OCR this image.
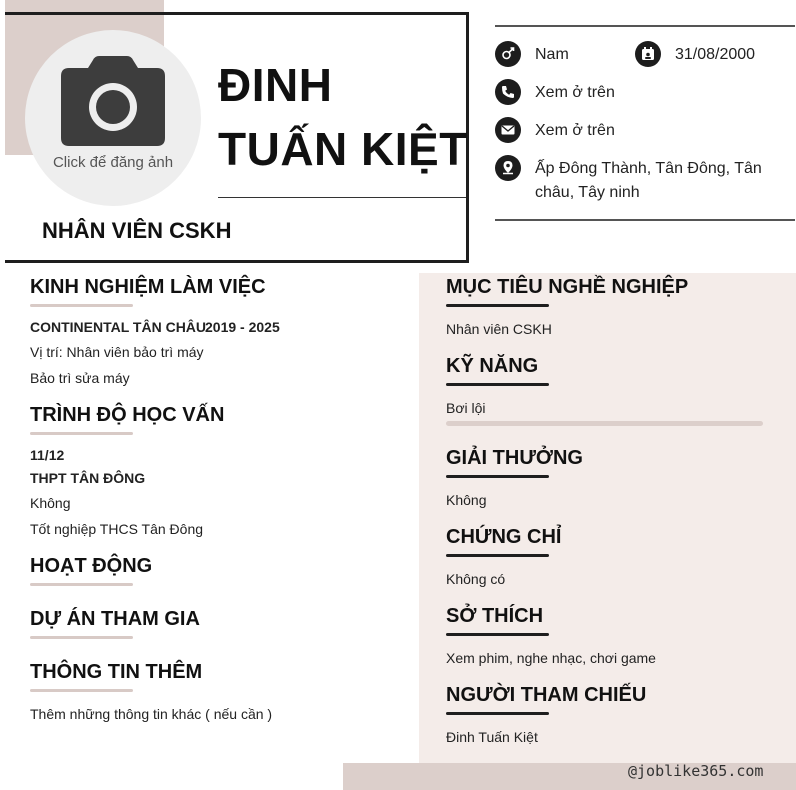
Click để đăng ảnh
ĐINH
TUẤN KIỆT
NHÂN VIÊN CSKH
Nam	31/08/2000
Xem ở trên
Xem ở trên
Ấp Đông Thành, Tân Đông, Tân
châu, Tây ninh
KINH NGHIỆM LÀM VIỆC
CONTINENTAL TÂN CHÂU
2019 - 2025
Vị trí: Nhân viên bảo trì máy
Bảo trì sửa máy
TRÌNH ĐỘ HỌC VẤN
11/12
THPT TÂN ĐÔNG
Không
Tốt nghiệp THCS Tân Đông
HOẠT ĐỘNG
DỰ ÁN THAM GIA
THÔNG TIN THÊM
Thêm những thông tin khác ( nếu cần )
MỤC TIÊU NGHỀ NGHIỆP
Nhân viên CSKH
KỸ NĂNG
Bơi lội
GIẢI THƯỞNG
Không
CHỨNG CHỈ
Không có
SỞ THÍCH
Xem phim, nghe nhạc, chơi game
NGƯỜI THAM CHIẾU
Đinh Tuấn Kiệt
@joblike365.com
